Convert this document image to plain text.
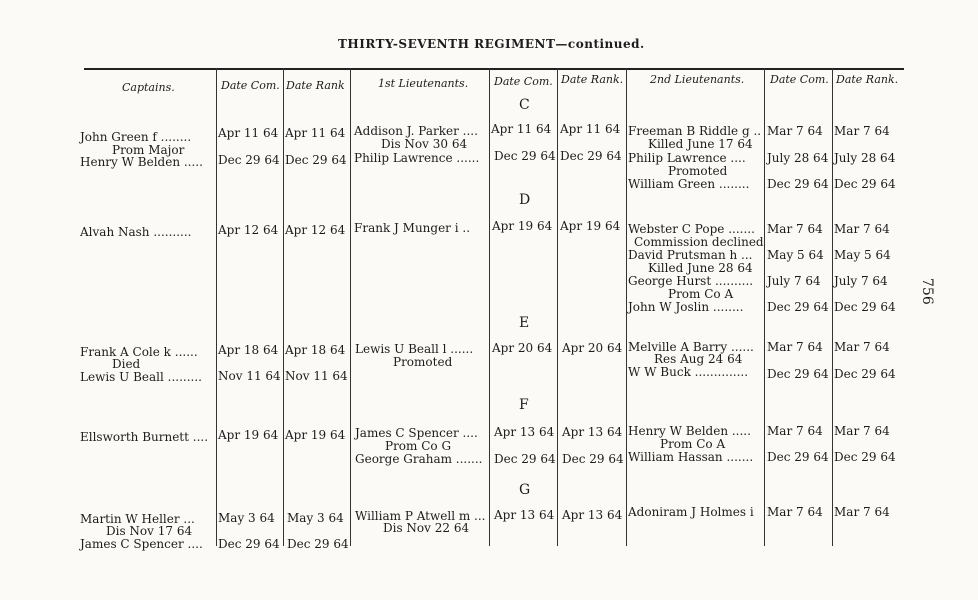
THIRTY-SEVENTH REGIMENT—continued.
756
Captains.	Date Com. Date Rank	1st Lieutenants. Date Com. Date Rank. 2nd Lieutenants. Date Com. Date Rank.
C
D
E
F
G
John Green f ........
Prom Major
Henry W Belden .....
Apr 11 64 Apr 11 64
Dec 29 64 Dec 29 64
Addison J. Parker ....
Dis Nov 30 64
Philip Lawrence ......
Apr 11 64 Apr 11 64
Dec 29 64 Dec 29 64
Freeman B Riddle g ..
Killed June 17 64
Philip Lawrence ....
Promoted
William Green ........
Mar 7 64 Mar 7 64
July 28 64 July 28 64
Dec 29 64 Dec 29 64
Alvah Nash .......... Apr 12 64 Apr 12 64 Frank J Munger i .. Apr 19 64 Apr 19 64 Webster C Pope .......
Commission declined
David Prutsman h ...
Killed June 28 64
George Hurst ..........
Prom Co A
John W Joslin ........
Mar 7 64 Mar 7 64
May 5 64 May 5 64
July 7 64 July 7 64
Dec 29 64 Dec 29 64
Frank A Cole k ......
Died
Lewis U Beall .........
Apr 18 64 Apr 18 64
Nov 11 64 Nov 11 64
Lewis U Beall l ......
Promoted
Apr 20 64 Apr 20 64 Melville A Barry ......
Res Aug 24 64
W W Buck ..............
Mar 7 64 Mar 7 64
Dec 29 64 Dec 29 64
Ellsworth Burnett .... Apr 19 64 Apr 19 64 James C Spencer ....
Prom Co G
George Graham .......
Apr 13 64 Apr 13 64
Dec 29 64 Dec 29 64
Henry W Belden .....
Prom Co A
William Hassan .......
Mar 7 64 Mar 7 64
Dec 29 64 Dec 29 64
Martin W Heller ...
Dis Nov 17 64
James C Spencer ....
May 3 64 May 3 64
Dec 29 64 Dec 29 64
William P Atwell m ...
Dis Nov 22 64
Apr 13 64 Apr 13 64 Adoniram J Holmes i Mar 7 64 Mar 7 64
